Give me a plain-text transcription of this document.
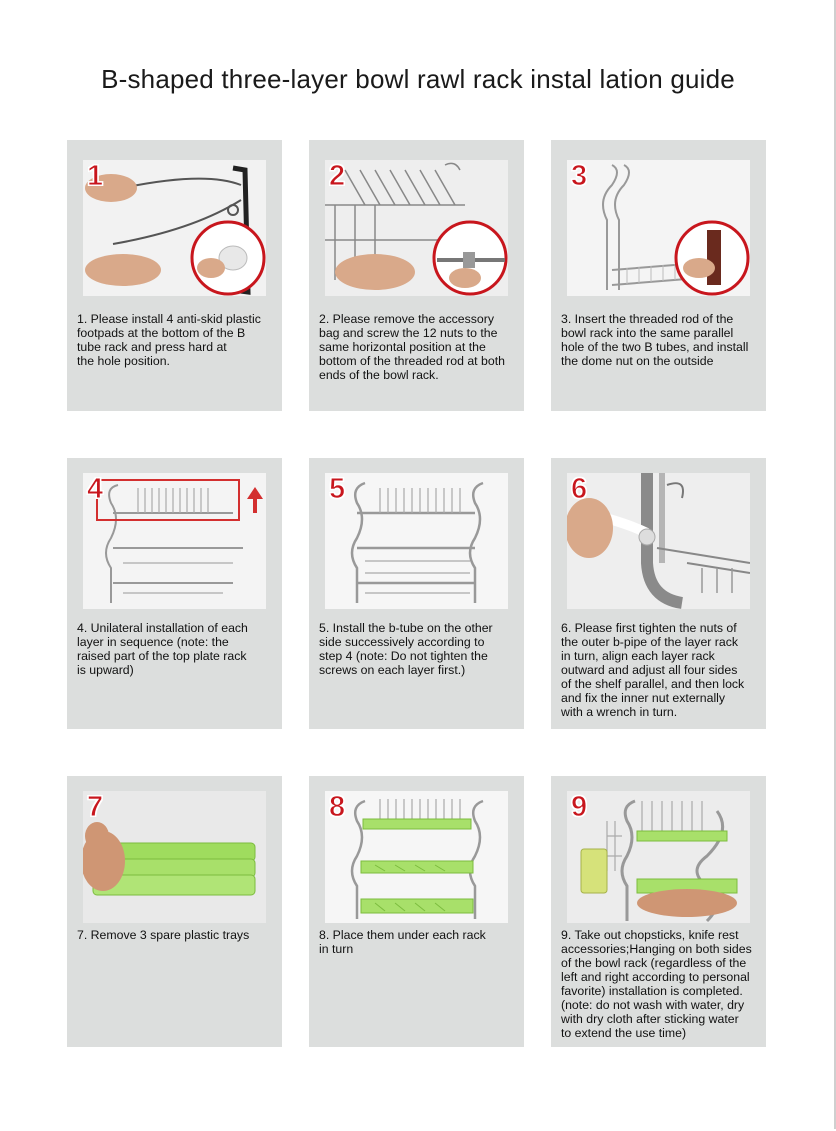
B-shaped three-layer bowl rawl rack instal lation guide
1
1. Please install 4 anti-skid plastic
footpads at the bottom of the B
tube rack and press hard at
the hole position.
2
2. Please remove the accessory
bag and screw the 12 nuts to the
same horizontal position at the
bottom of the threaded rod at both
ends of the bowl rack.
3
3. Insert the threaded rod of the
bowl rack into the same parallel
hole of the two B tubes, and install
the dome nut on the outside
4
4. Unilateral installation of each
layer in sequence (note: the
raised part of the top plate rack
is upward)
5
5. Install the b-tube on the other
side successively according to
step 4 (note: Do not tighten the
screws on each layer first.)
6
6. Please first tighten the nuts of
the outer b-pipe of the layer rack
in turn, align each layer rack
outward and adjust all four sides
of the shelf parallel, and then lock
and fix the inner nut externally
with a wrench in turn.
7
7. Remove 3 spare plastic trays
8
8. Place them under each rack
in turn
9
9. Take out chopsticks, knife rest
accessories;Hanging on both sides
of the bowl rack (regardless of the
left and right according to personal
favorite) installation is completed.
(note: do not wash with water, dry
with dry cloth after sticking water
to extend the use time)
